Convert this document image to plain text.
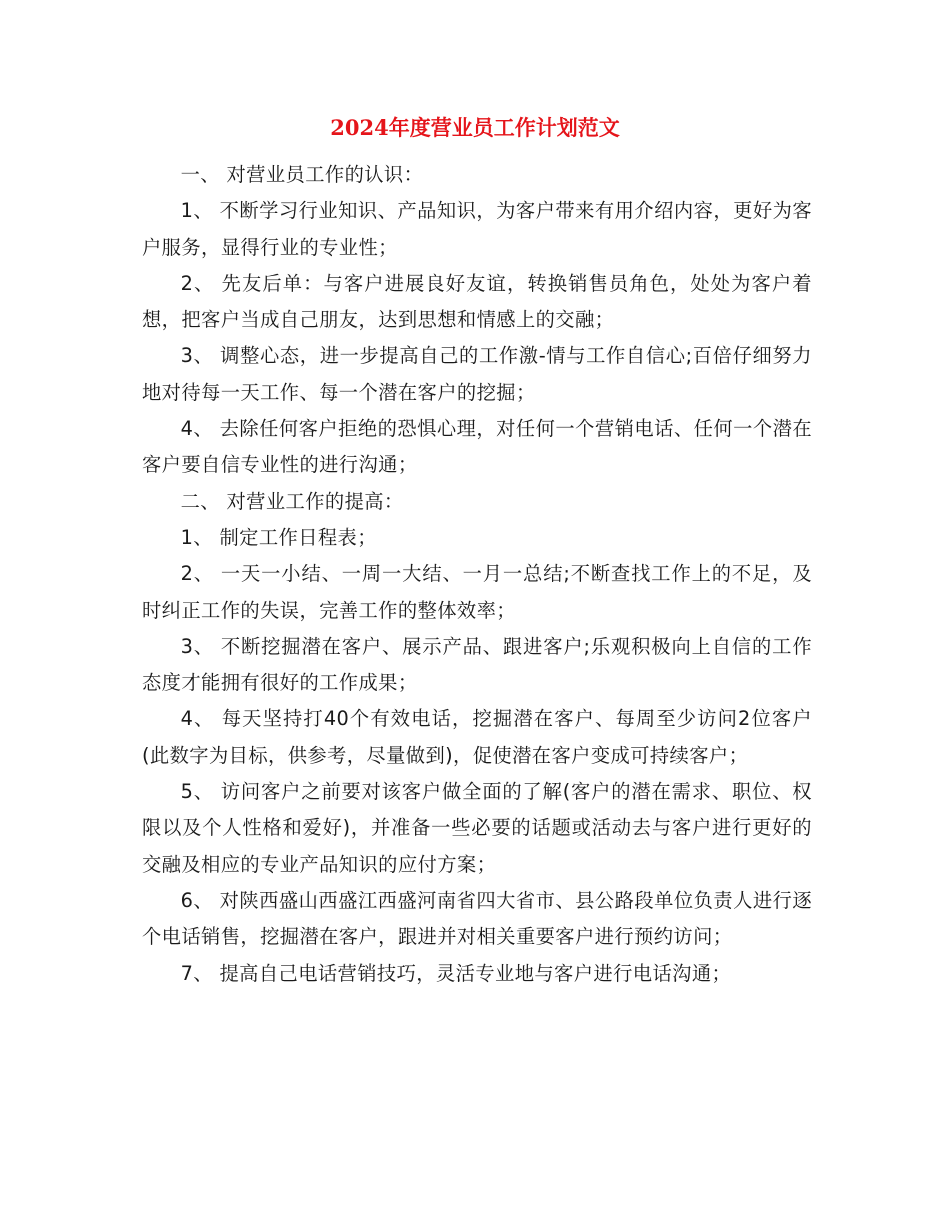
2024年度营业员工作计划范文

一、 对营业员工作的认识：

1、 不断学习行业知识、产品知识，为客户带来有用介绍内容，更好为客户服务，显得行业的专业性；

2、 先友后单：与客户进展良好友谊，转换销售员角色，处处为客户着想，把客户当成自己朋友，达到思想和情感上的交融；

3、 调整心态，进一步提高自己的工作激-情与工作自信心;百倍仔细努力地对待每一天工作、每一个潜在客户的挖掘；

4、 去除任何客户拒绝的恐惧心理，对任何一个营销电话、任何一个潜在客户要自信专业性的进行沟通；

二、 对营业工作的提高：

1、 制定工作日程表；

2、 一天一小结、一周一大结、一月一总结;不断查找工作上的不足，及时纠正工作的失误，完善工作的整体效率；

3、 不断挖掘潜在客户、展示产品、跟进客户;乐观积极向上自信的工作态度才能拥有很好的工作成果；

4、 每天坚持打40个有效电话，挖掘潜在客户、每周至少访问2位客户(此数字为目标，供参考，尽量做到)，促使潜在客户变成可持续客户；

5、 访问客户之前要对该客户做全面的了解(客户的潜在需求、职位、权限以及个人性格和爱好)，并准备一些必要的话题或活动去与客户进行更好的交融及相应的专业产品知识的应付方案；

6、 对陕西盛山西盛江西盛河南省四大省市、县公路段单位负责人进行逐个电话销售，挖掘潜在客户，跟进并对相关重要客户进行预约访问；

7、 提高自己电话营销技巧，灵活专业地与客户进行电话沟通；
